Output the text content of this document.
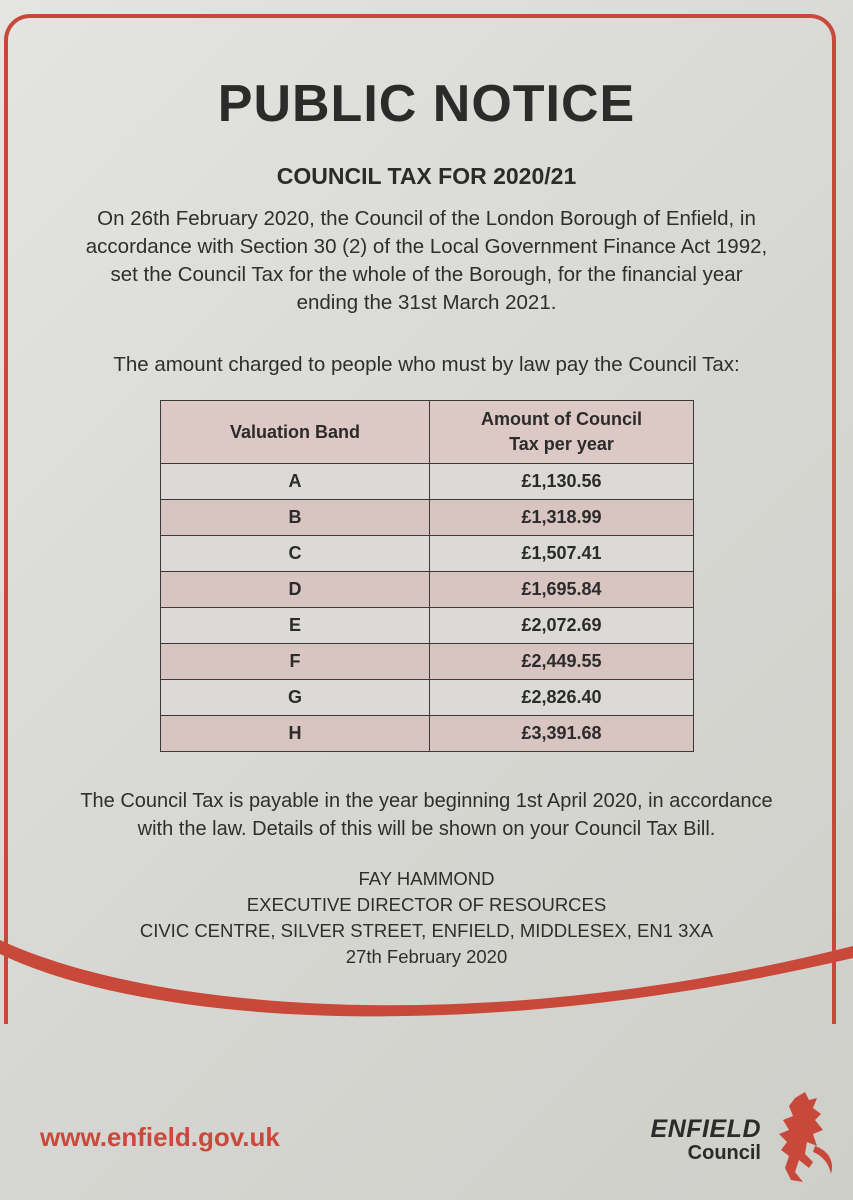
PUBLIC NOTICE
COUNCIL TAX FOR 2020/21
On 26th February 2020, the Council of the London Borough of Enfield, in
accordance with Section 30 (2) of the Local Government Finance Act 1992,
set the Council Tax for the whole of the Borough, for the financial year
ending the 31st March 2021.
The amount charged to people who must by law pay the Council Tax:
Valuation Band	Amount of Council Tax per year
A	£1,130.56
B	£1,318.99
C	£1,507.41
D	£1,695.84
E	£2,072.69
F	£2,449.55
G	£2,826.40
H	£3,391.68
The Council Tax is payable in the year beginning 1st April 2020, in accordance
with the law. Details of this will be shown on your Council Tax Bill.
FAY HAMMOND
EXECUTIVE DIRECTOR OF RESOURCES
CIVIC CENTRE, SILVER STREET, ENFIELD, MIDDLESEX, EN1 3XA
27th February 2020
www.enfield.gov.uk	ENFIELD
Council
